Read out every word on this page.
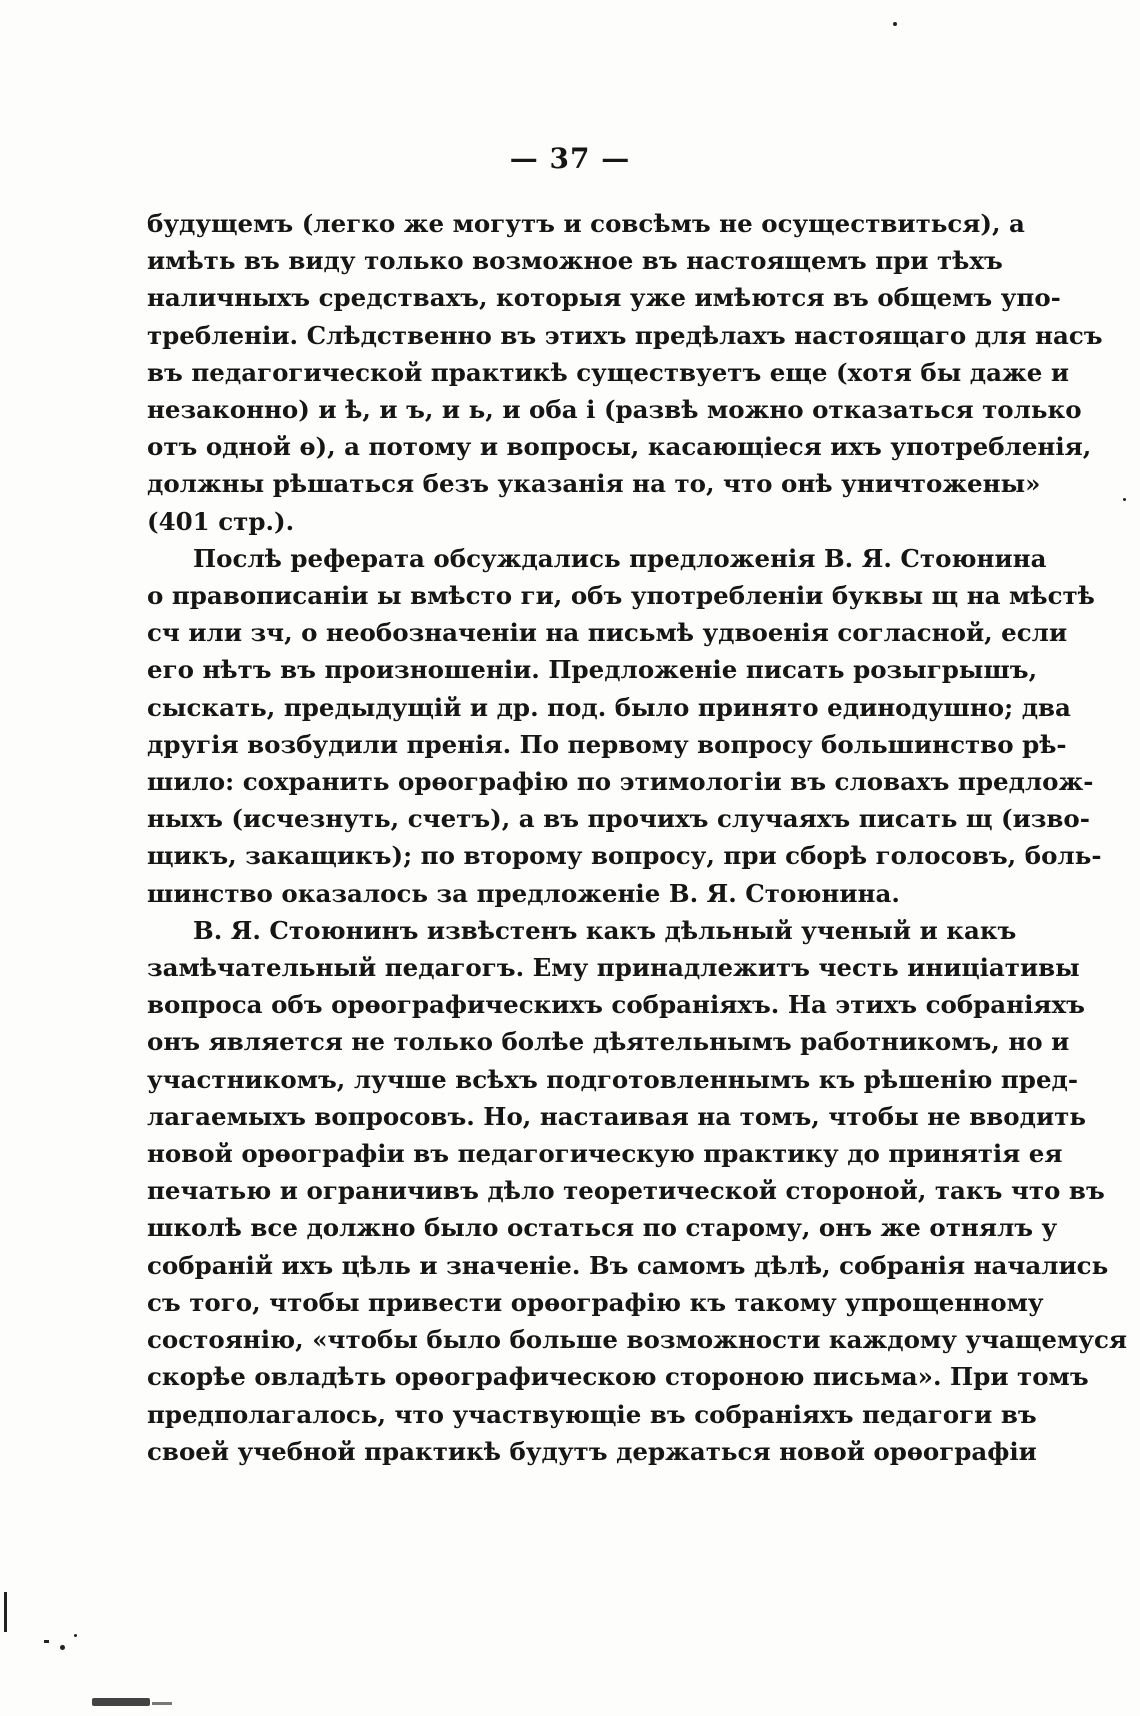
— 37 —
будущемъ (легко же могутъ и совсѣмъ не осуществиться), а
имѣть въ виду только возможное въ настоящемъ при тѣхъ
наличныхъ средствахъ, которыя уже имѣются въ общемъ упо-
требленіи. Слѣдственно въ этихъ предѣлахъ настоящаго для насъ
въ педагогической практикѣ существуетъ еще (хотя бы даже и
незаконно) и ѣ, и ъ, и ь, и оба і (развѣ можно отказаться только
отъ одной ѳ), а потому и вопросы, касающіеся ихъ употребленія,
должны рѣшаться безъ указанія на то, что онѣ уничтожены»
(401 стр.).
Послѣ реферата обсуждались предложенія В. Я. Стоюнина
о правописаніи ы вмѣсто ги, объ употребленіи буквы щ на мѣстѣ
сч или зч, о необозначеніи на письмѣ удвоенія согласной, если
его нѣтъ въ произношеніи. Предложеніе писать розыгрышъ,
сыскать, предыдущій и др. под. было принято единодушно; два
другія возбудили пренія. По первому вопросу большинство рѣ-
шило: сохранить орѳографію по этимологіи въ словахъ предлож-
ныхъ (исчезнуть, счетъ), а въ прочихъ случаяхъ писать щ (изво-
щикъ, закащикъ); по второму вопросу, при сборѣ голосовъ, боль-
шинство оказалось за предложеніе В. Я. Стоюнина.
В. Я. Стоюнинъ извѣстенъ какъ дѣльный ученый и какъ
замѣчательный педагогъ. Ему принадлежитъ честь иниціативы
вопроса объ орѳографическихъ собраніяхъ. На этихъ собраніяхъ
онъ является не только болѣе дѣятельнымъ работникомъ, но и
участникомъ, лучше всѣхъ подготовленнымъ къ рѣшенію пред-
лагаемыхъ вопросовъ. Но, настаивая на томъ, чтобы не вводить
новой орѳографіи въ педагогическую практику до принятія ея
печатью и ограничивъ дѣло теоретической стороной, такъ что въ
школѣ все должно было остаться по старому, онъ же отнялъ у
собраній ихъ цѣль и значеніе. Въ самомъ дѣлѣ, собранія начались
съ того, чтобы привести орѳографію къ такому упрощенному
состоянію, «чтобы было больше возможности каждому учащемуся
скорѣе овладѣть орѳографическою стороною письма». При томъ
предполагалось, что участвующіе въ собраніяхъ педагоги въ
своей учебной практикѣ будутъ держаться новой орѳографіи
